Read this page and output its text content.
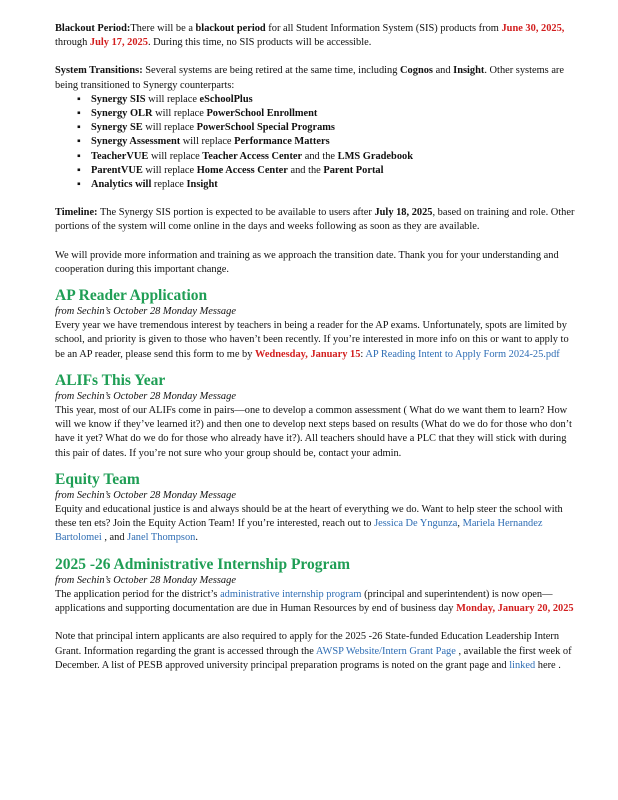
Blackout Period:There will be a blackout period for all Student Information System (SIS) products from June 30, 2025, through July 17, 2025. During this time, no SIS products will be accessible.

System Transitions: Several systems are being retired at the same time, including Cognos and Insight. Other systems are being transitioned to Synergy counterparts:

▪ Synergy SIS will replace eSchoolPlus
▪ Synergy OLR will replace PowerSchool Enrollment
▪ Synergy SE will replace PowerSchool Special Programs
▪ Synergy Assessment will replace Performance Matters
▪ TeacherVUE will replace Teacher Access Center and the LMS Gradebook
▪ ParentVUE will replace Home Access Center and the Parent Portal
▪ Analytics will replace Insight

Timeline: The Synergy SIS portion is expected to be available to users after July 18, 2025, based on training and role. Other portions of the system will come online in the days and weeks following as soon as they are available.

We will provide more information and training as we approach the transition date. Thank you for your understanding and cooperation during this important change.

AP Reader Application

from Sechin’s October 28 Monday Message

Every year we have tremendous interest by teachers in being a reader for the AP exams. Unfortunately, spots are limited by school, and priority is given to those who haven’t been recently. If you’re interested in more info on this or want to apply to be an AP reader, please send this form to me by Wednesday, January 15: AP Reading Intent to Apply Form 2024-25.pdf

ALIFs This Year

from Sechin’s October 28 Monday Message

This year, most of our ALIFs come in pairs—one to develop a common assessment ( What do we want them to learn? How will we know if they’ve learned it?) and then one to develop next steps based on results (What do we do for those who don’t have it yet? What do we do for those who already have it?). All teachers should have a PLC that they will stick with during this pair of dates. If you’re not sure who your group should be, contact your admin.

Equity Team

from Sechin’s October 28 Monday Message

Equity and educational justice is and always should be at the heart of everything we do. Want to help steer the school with these ten ets? Join the Equity Action Team! If you’re interested, reach out to Jessica De Yngunza, Mariela Hernandez Bartolomei , and Janel Thompson.

2025 -26 Administrative Internship Program

from Sechin’s October 28 Monday Message

The application period for the district’s administrative internship program (principal and superintendent) is now open—applications and supporting documentation are due in Human Resources by end of business day Monday, January 20, 2025

Note that principal intern applicants are also required to apply for the 2025 -26 State-funded Education Leadership Intern Grant. Information regarding the grant is accessed through the AWSP Website/Intern Grant Page , available the first week of December. A list of PESB approved university principal preparation programs is noted on the grant page and linked here .
